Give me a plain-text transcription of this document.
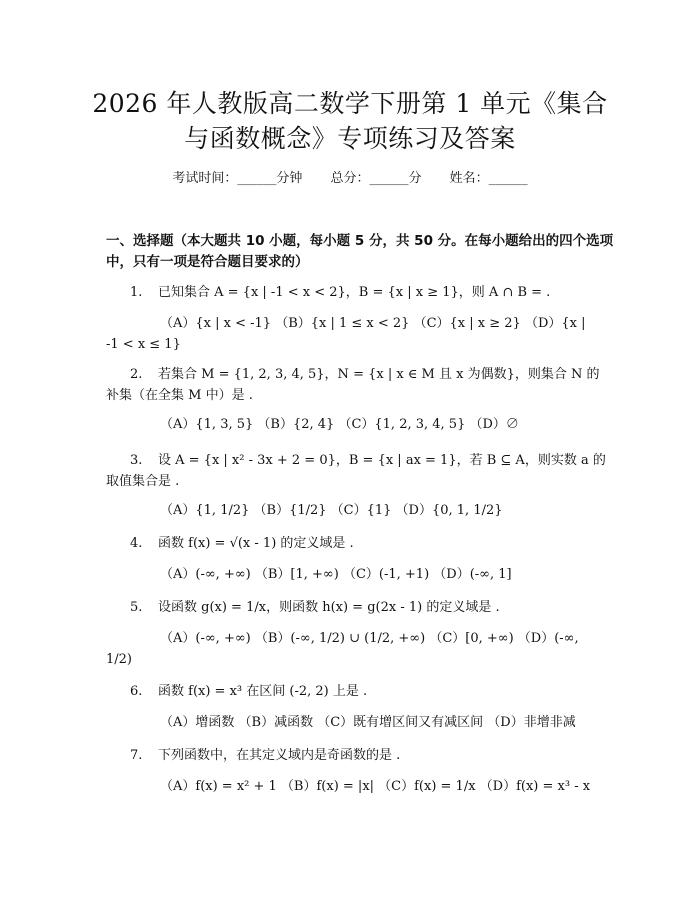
2026 年人教版高二数学下册第 1 单元《集合
与函数概念》专项练习及答案
考试时间：______分钟 总分：______分 姓名：______
一、选择题（本大题共 10 小题，每小题 5 分，共 50 分。在每小题给出的四个选项中，只有一项是符合题目要求的）
1.	已知集合 A = {x | -1 < x < 2}，B = {x | x ≥ 1}，则 A ∩ B = .
（A）{x | x < -1} （B）{x | 1 ≤ x < 2} （C）{x | x ≥ 2} （D）{x | -1 < x ≤ 1}
2.	若集合 M = {1, 2, 3, 4, 5}，N = {x | x ∈ M 且 x 为偶数}，则集合 N 的补集（在全集 M 中）是 .
（A）{1, 3, 5} （B）{2, 4} （C）{1, 2, 3, 4, 5} （D）∅
3.	设 A = {x | x² - 3x + 2 = 0}，B = {x | ax = 1}，若 B ⊆ A，则实数 a 的取值集合是 .
（A）{1, 1/2} （B）{1/2} （C）{1} （D）{0, 1, 1/2}
4.	函数 f(x) = √(x - 1) 的定义域是 .
（A）(-∞, +∞) （B）[1, +∞) （C）(-1, +1) （D）(-∞, 1]
5.	设函数 g(x) = 1/x，则函数 h(x) = g(2x - 1) 的定义域是 .
（A）(-∞, +∞) （B）(-∞, 1/2) ∪ (1/2, +∞) （C）[0, +∞) （D）(-∞, 1/2)
6.	函数 f(x) = x³ 在区间 (-2, 2) 上是 .
（A）增函数 （B）减函数 （C）既有增区间又有减区间 （D）非增非减
7.	下列函数中，在其定义域内是奇函数的是 .
（A）f(x) = x² + 1 （B）f(x) = |x| （C）f(x) = 1/x （D）f(x) = x³ - x
